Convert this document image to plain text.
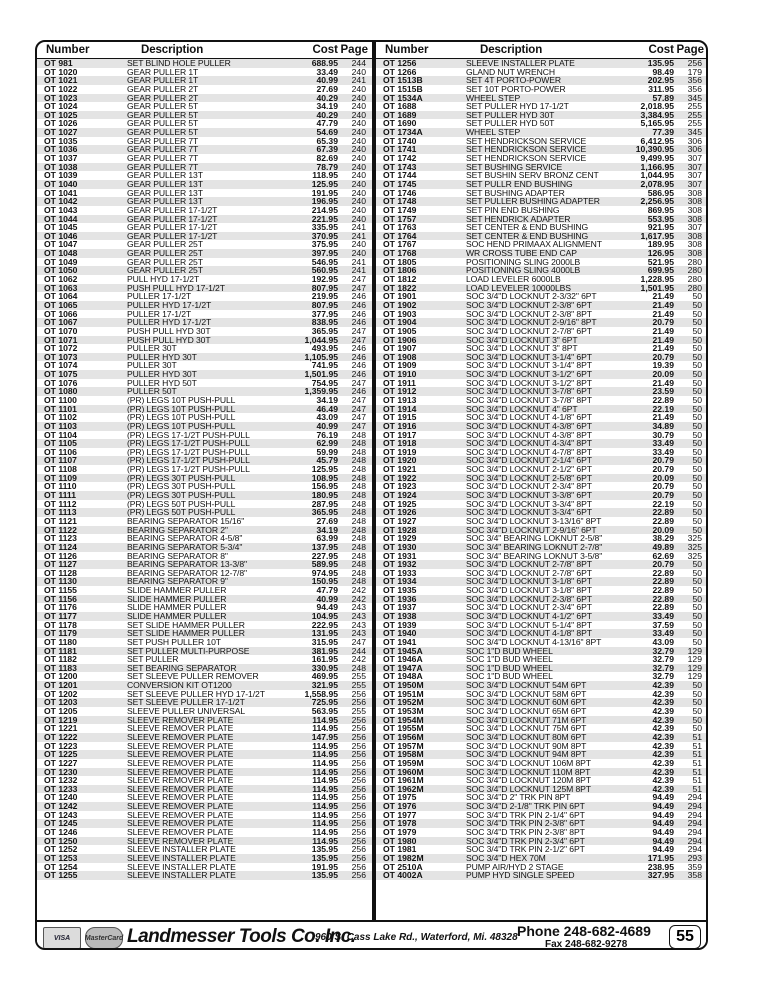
Number	Description	Cost Page
OT 981	SET BLIND HOLE PULLER	688.95	244
OT 1020	GEAR PULLER 1T	33.49	240
OT 1021	GEAR PULLER 1T	40.99	241
OT 1022	GEAR PULLER 2T	27.69	240
OT 1023	GEAR PULLER 2T	40.29	240
OT 1024	GEAR PULLER 5T	34.19	240
OT 1025	GEAR PULLER 5T	40.29	240
OT 1026	GEAR PULLER 5T	47.79	240
OT 1027	GEAR PULLER 5T	54.69	240
OT 1035	GEAR PULLER 7T	65.39	240
OT 1036	GEAR PULLER 7T	67.39	240
OT 1037	GEAR PULLER 7T	82.69	240
OT 1038	GEAR PULLER 7T	78.79	240
OT 1039	GEAR PULLER 13T	118.95	240
OT 1040	GEAR PULLER 13T	125.95	240
OT 1041	GEAR PULLER 13T	191.95	240
OT 1042	GEAR PULLER 13T	196.95	240
OT 1043	GEAR PULLER 17-1/2T	214.95	240
OT 1044	GEAR PULLER 17-1/2T	221.95	240
OT 1045	GEAR PULLER 17-1/2T	335.95	241
OT 1046	GEAR PULLER 17-1/2T	370.95	241
OT 1047	GEAR PULLER 25T	375.95	240
OT 1048	GEAR PULLER 25T	397.95	240
OT 1049	GEAR PULLER 25T	546.95	241
OT 1050	GEAR PULLER 25T	560.95	241
OT 1062	PULL HYD 17-1/2T	192.95	247
OT 1063	PUSH PULL HYD 17-1/2T	807.95	247
OT 1064	PULLER 17-1/2T	219.95	246
OT 1065	PULLER HYD 17-1/2T	807.95	246
OT 1066	PULLER 17-1/2T	377.95	246
OT 1067	PULLER HYD 17-1/2T	838.95	246
OT 1070	PUSH PULL HYD 30T	365.95	247
OT 1071	PUSH PULL HYD 30T	1,044.95	247
OT 1072	PULLER 30T	493.95	246
OT 1073	PULLER HYD 30T	1,105.95	246
OT 1074	PULLER 30T	741.95	246
OT 1075	PULLER HYD 30T	1,501.95	246
OT 1076	PULLER HYD 50T	754.95	247
OT 1080	PULLER 50T	1,359.95	246
OT 1100	(PR) LEGS 10T PUSH-PULL	34.19	247
OT 1101	(PR) LEGS 10T PUSH-PULL	46.49	247
OT 1102	(PR) LEGS 10T PUSH-PULL	43.09	247
OT 1103	(PR) LEGS 10T PUSH-PULL	40.99	247
OT 1104	(PR) LEGS 17-1/2T PUSH-PULL	76.19	248
OT 1105	(PR) LEGS 17-1/2T PUSH-PULL	62.99	248
OT 1106	(PR) LEGS 17-1/2T PUSH-PULL	59.99	248
OT 1107	(PR) LEGS 17-1/2T PUSH-PULL	45.79	248
OT 1108	(PR) LEGS 17-1/2T PUSH-PULL	125.95	248
OT 1109	(PR) LEGS 30T PUSH-PULL	108.95	248
OT 1110	(PR) LEGS 30T PUSH-PULL	156.95	248
OT 1111	(PR) LEGS 30T PUSH-PULL	180.95	248
OT 1112	(PR) LEGS 50T PUSH-PULL	287.95	248
OT 1113	(PR) LEGS 50T PUSH-PULL	365.95	248
OT 1121	BEARING SEPARATOR 15/16"	27.69	248
OT 1122	BEARING SEPARATOR 2"	34.19	248
OT 1123	BEARING SEPARATOR 4-5/8"	63.99	248
OT 1124	BEARING SEPARATOR 5-3/4"	137.95	248
OT 1126	BEARING SEPARATOR 8"	227.95	248
OT 1127	BEARING SEPARATOR 13-3/8"	589.95	248
OT 1128	BEARING SEPARATOR 12-7/8"	974.95	248
OT 1130	BEARING SEPARATOR 9"	150.95	248
OT 1155	SLIDE HAMMER PULLER	47.79	242
OT 1156	SLIDE HAMMER PULLER	40.99	242
OT 1176	SLIDE HAMMER PULLER	94.49	243
OT 1177	SLIDE HAMMER PULLER	104.95	243
OT 1178	SET SLIDE HAMMER PULLER	222.95	243
OT 1179	SET SLIDE HAMMER PULLER	131.95	243
OT 1180	SET PUSH PULLER 10T	315.95	247
OT 1181	SET PULLER MULTI-PURPOSE	381.95	244
OT 1182	SET PULLER	161.95	242
OT 1183	SET BEARING SEPARATOR	330.95	248
OT 1200	SET SLEEVE PULLER REMOVER	469.95	255
OT 1201	CONVERSION KIT OT1200	321.95	255
OT 1202	SET SLEEVE PULLER HYD 17-1/2T	1,558.95	256
OT 1203	SET SLEEVE PULLER 17-1/2T	725.95	256
OT 1205	SLEEVE PULLER UNIVERSAL	563.95	255
OT 1219	SLEEVE REMOVER PLATE	114.95	256
OT 1221	SLEEVE REMOVER PLATE	114.95	256
OT 1222	SLEEVE REMOVER PLATE	147.95	256
OT 1223	SLEEVE REMOVER PLATE	114.95	256
OT 1225	SLEEVE REMOVER PLATE	114.95	256
OT 1227	SLEEVE REMOVER PLATE	114.95	256
OT 1230	SLEEVE REMOVER PLATE	114.95	256
OT 1232	SLEEVE REMOVER PLATE	114.95	256
OT 1233	SLEEVE REMOVER PLATE	114.95	256
OT 1240	SLEEVE REMOVER PLATE	114.95	256
OT 1242	SLEEVE REMOVER PLATE	114.95	256
OT 1243	SLEEVE REMOVER PLATE	114.95	256
OT 1245	SLEEVE REMOVER PLATE	114.95	256
OT 1246	SLEEVE REMOVER PLATE	114.95	256
OT 1250	SLEEVE REMOVER PLATE	114.95	256
OT 1252	SLEEVE INSTALLER PLATE	135.95	256
OT 1253	SLEEVE INSTALLER PLATE	135.95	256
OT 1254	SLEEVE INSTALLER PLATE	191.95	256
OT 1255	SLEEVE INSTALLER PLATE	135.95	256
Number	Description	Cost Page
OT 1256	SLEEVE INSTALLER PLATE	135.95	256
OT 1266	GLAND NUT WRENCH	98.49	179
OT 1513B	SET 4T PORTO-POWER	202.95	356
OT 1515B	SET 10T PORTO-POWER	311.95	356
OT 1534A	WHEEL STEP	57.89	345
OT 1688	SET PULLER HYD 17-1/2T	2,018.95	255
OT 1689	SET PULLER HYD 30T	3,384.95	255
OT 1690	SET PULLER HYD 50T	5,165.95	255
OT 1734A	WHEEL STEP	77.39	345
OT 1740	SET HENDRICKSON SERVICE	6,412.95	306
OT 1741	SET HENDRICKSON SERVICE	10,390.95	306
OT 1742	SET HENDRICKSON SERVICE	9,499.95	307
OT 1743	SET BUSHING SERVICE	1,166.95	307
OT 1744	SET BUSHIN SERV BRONZ CENT	1,044.95	307
OT 1745	SET PULLR END BUSHING	2,078.95	307
OT 1746	SET BUSHING ADAPTER	586.95	308
OT 1748	SET PULLER BUSHING ADAPTER	2,256.95	308
OT 1749	SET PIN END BUSHING	869.95	308
OT 1757	SET HENDRICK ADAPTER	553.95	308
OT 1763	SET CENTER & END BUSHING	921.95	307
OT 1764	SET CENTER & END BUSHING	1,617.95	308
OT 1767	SOC HEND PRIMAAX ALIGNMENT	189.95	308
OT 1768	WR CROSS TUBE END CAP	126.95	308
OT 1805	POSITIONING SLING 2000LB	521.95	280
OT 1806	POSITIONING SLING 4000LB	699.95	280
OT 1812	LOAD LEVELER 6000LB	1,228.95	280
OT 1822	LOAD LEVELER 10000LBS	1,501.95	280
OT 1901	SOC 3/4"D LOCKNUT 2-3/32" 6PT	21.49	50
OT 1902	SOC 3/4"D LOCKNUT 2-3/8" 6PT	21.49	50
OT 1903	SOC 3/4"D LOCKNUT 2-3/8" 8PT	21.49	50
OT 1904	SOC 3/4"D LOCKNUT 2-9/16" 8PT	20.79	50
OT 1905	SOC 3/4"D LOCKNUT 2-7/8" 6PT	21.49	50
OT 1906	SOC 3/4"D LOCKNUT 3" 6PT	21.49	50
OT 1907	SOC 3/4"D LOCKNUT 3" 8PT	21.49	50
OT 1908	SOC 3/4"D LOCKNUT 3-1/4" 6PT	20.79	50
OT 1909	SOC 3/4"D LOCKNUT 3-1/4" 8PT	19.39	50
OT 1910	SOC 3/4"D LOCKNUT 3-1/2" 6PT	20.09	50
OT 1911	SOC 3/4"D LOCKNUT 3-1/2" 8PT	21.49	50
OT 1912	SOC 3/4"D LOCKNUT 3-7/8" 6PT	23.59	50
OT 1913	SOC 3/4"D LOCKNUT 3-7/8" 8PT	22.89	50
OT 1914	SOC 3/4"D LOCKNUT 4" 6PT	22.19	50
OT 1915	SOC 3/4"D LOCKNUT 4-1/8" 6PT	21.49	50
OT 1916	SOC 3/4"D LOCKNUT 4-3/8" 6PT	34.89	50
OT 1917	SOC 3/4"D LOCKNUT 4-3/8" 8PT	30.79	50
OT 1918	SOC 3/4"D LOCKNUT 4-3/4" 8PT	33.49	50
OT 1919	SOC 3/4"D LOCKNUT 4-7/8" 8PT	33.49	50
OT 1920	SOC 3/4"D LOCKNUT 2-1/4" 6PT	20.79	50
OT 1921	SOC 3/4"D LOCKNUT 2-1/2" 6PT	20.79	50
OT 1922	SOC 3/4"D LOCKNUT 2-5/8" 6PT	20.09	50
OT 1923	SOC 3/4"D LOCKNUT 2-3/4" 8PT	20.79	50
OT 1924	SOC 3/4"D LOCKNUT 3-3/8" 6PT	20.79	50
OT 1925	SOC 3/4"D LOCKNUT 3-3/4" 8PT	22.19	50
OT 1926	SOC 3/4"D LOCKNUT 3-3/4" 6PT	22.89	50
OT 1927	SOC 3/4"D LOCKNUT 3-13/16" 8PT	22.89	50
OT 1928	SOC 3/4"D LOCKNUT 2-9/16" 6PT	20.09	50
OT 1929	SOC 3/4" BEARING LOKNUT 2-5/8"	38.29	325
OT 1930	SOC 3/4" BEARING LOKNUT 2-7/8"	49.89	325
OT 1931	SOC 3/4" BEARING LOKNUT 3-5/8"	62.69	325
OT 1932	SOC 3/4"D LOCKNUT 2-7/8" 8PT	20.79	50
OT 1933	SOC 3/4"D LOCKNUT 2-7/8" 6PT	22.89	50
OT 1934	SOC 3/4"D LOCKNUT 3-1/8" 6PT	22.89	50
OT 1935	SOC 3/4"D LOCKNUT 3-1/8" 8PT	22.89	50
OT 1936	SOC 3/4"D LOCKNUT 2-3/8" 6PT	22.89	50
OT 1937	SOC 3/4"D LOCKNUT 2-3/4" 6PT	22.89	50
OT 1938	SOC 3/4"D LOCKNUT 4-1/2" 6PT	33.49	50
OT 1939	SOC 3/4"D LOCKNUT 5-1/4" 8PT	37.59	50
OT 1940	SOC 3/4"D LOCKNUT 4-1/8" 8PT	33.49	50
OT 1941	SOC 3/4"D LOCKNUT 4-13/16" 8PT	43.09	50
OT 1945A	SOC 1"D BUD WHEEL	32.79	129
OT 1946A	SOC 1"D BUD WHEEL	32.79	129
OT 1947A	SOC 1"D BUD WHEEL	32.79	129
OT 1948A	SOC 1"D BUD WHEEL	32.79	129
OT 1950M	SOC 3/4"D LOCKNUT 54M 6PT	42.39	50
OT 1951M	SOC 3/4"D LOCKNUT 58M 6PT	42.39	50
OT 1952M	SOC 3/4"D LOCKNUT 60M 6PT	42.39	50
OT 1953M	SOC 3/4"D LOCKNUT 65M 6PT	42.39	50
OT 1954M	SOC 3/4"D LOCKNUT 71M 6PT	42.39	50
OT 1955M	SOC 3/4"D LOCKNUT 75M 6PT	42.39	50
OT 1956M	SOC 3/4"D LOCKNUT 80M 6PT	42.39	51
OT 1957M	SOC 3/4"D LOCKNUT 90M 8PT	42.39	51
OT 1958M	SOC 3/4"D LOCKNUT 94M 8PT	42.39	51
OT 1959M	SOC 3/4"D LOCKNUT 106M 8PT	42.39	51
OT 1960M	SOC 3/4"D LOCKNUT 110M 8PT	42.39	51
OT 1961M	SOC 3/4"D LOCKNUT 120M 8PT	42.39	51
OT 1962M	SOC 3/4"D LOCKNUT 125M 8PT	42.39	51
OT 1975	SOC 3/4"D 2" TRK PIN 8PT	94.49	294
OT 1976	SOC 3/4"D 2-1/8" TRK PIN 6PT	94.49	294
OT 1977	SOC 3/4"D TRK PIN 2-1/4" 6PT	94.49	294
OT 1978	SOC 3/4"D TRK PIN 2-3/8" 6PT	94.49	294
OT 1979	SOC 3/4"D TRK PIN 2-3/8" 8PT	94.49	294
OT 1980	SOC 3/4"D TRK PIN 2-3/4" 6PT	94.49	294
OT 1981	SOC 3/4"D TRK PIN 2-1/2" 6PT	94.49	294
OT 1982M	SOC 3/4"D HEX 70M	171.95	293
OT 2510A	PUMP AIR/HYD 2 STAGE	238.95	359
OT 4002A	PUMP HYD SINGLE SPEED	327.95	358
VISA	MasterCard Landmesser Tools Co. Inc.
960 S. Cass Lake Rd., Waterford, Mi. 48328 Phone 248-682-4689
Fax 248-682-9278	55
